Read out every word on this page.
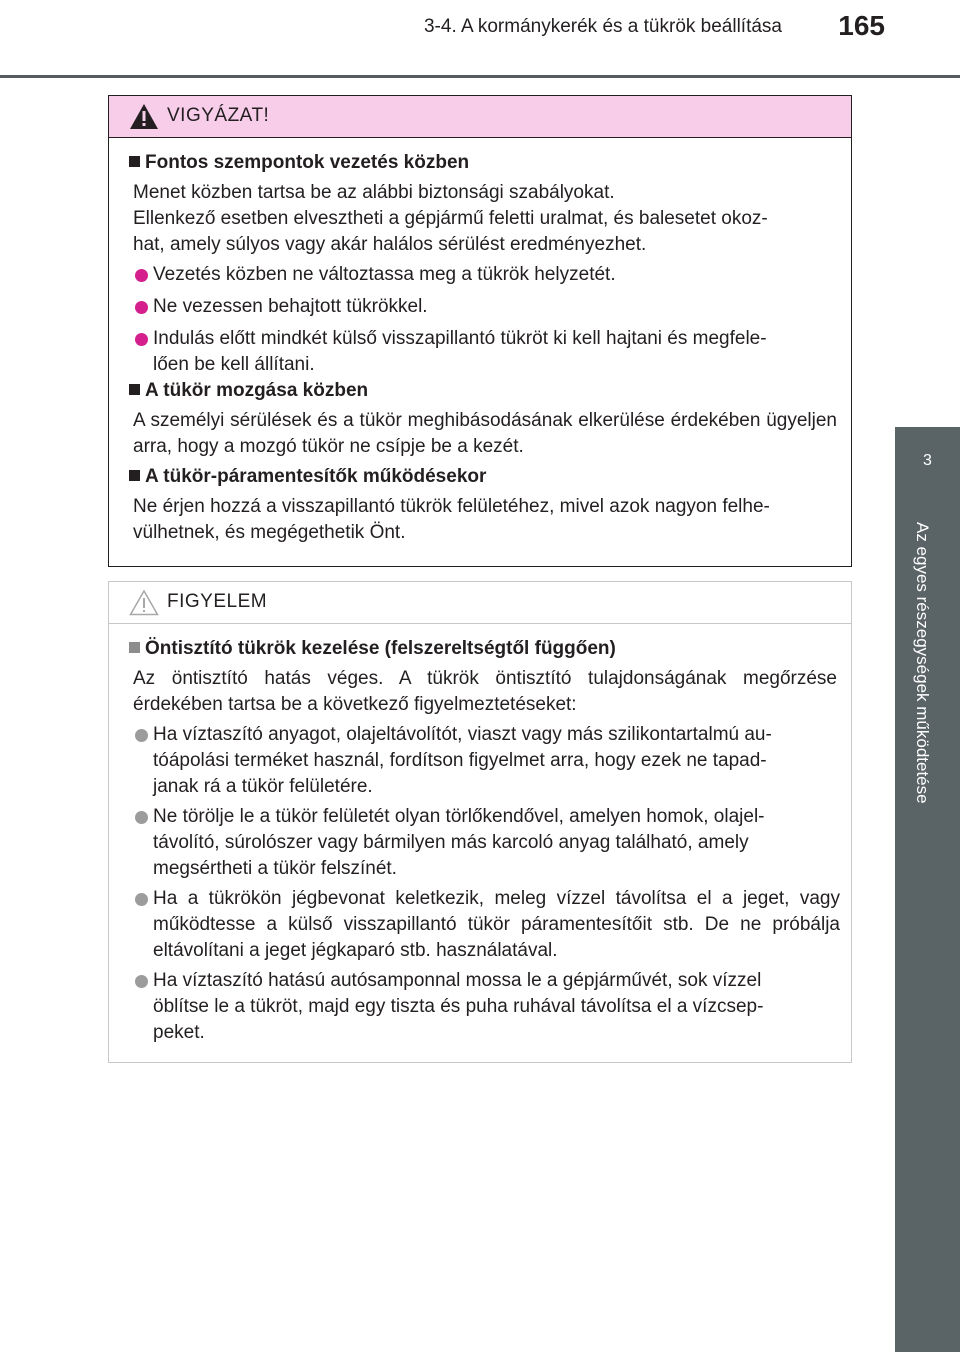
3-4. A kormánykerék és a tükrök beállítása 165
3
Az egyes részegységek működtetése
VIGYÁZAT!
Fontos szempontok vezetés közben
Menet közben tartsa be az alábbi biztonsági szabályokat.
Ellenkező esetben elvesztheti a gépjármű feletti uralmat, és balesetet okoz-
hat, amely súlyos vagy akár halálos sérülést eredményezhet.
Vezetés közben ne változtassa meg a tükrök helyzetét.
Ne vezessen behajtott tükrökkel.
Indulás előtt mindkét külső visszapillantó tükröt ki kell hajtani és megfele-
lően be kell állítani.
A tükör mozgása közben
A személyi sérülések és a tükör meghibásodásának elkerülése érdekében ügyeljen arra, hogy a mozgó tükör ne csípje be a kezét.
A tükör-páramentesítők működésekor
Ne érjen hozzá a visszapillantó tükrök felületéhez, mivel azok nagyon felhe-
vülhetnek, és megégethetik Önt.
FIGYELEM
Öntisztító tükrök kezelése (felszereltségtől függően)
Az öntisztító hatás véges. A tükrök öntisztító tulajdonságának megőrzése érdekében tartsa be a következő figyelmeztetéseket:
Ha víztaszító anyagot, olajeltávolítót, viaszt vagy más szilikontartalmú au-
tóápolási terméket használ, fordítson figyelmet arra, hogy ezek ne tapad-
janak rá a tükör felületére.
Ne törölje le a tükör felületét olyan törlőkendővel, amelyen homok, olajel-
távolító, súrolószer vagy bármilyen más karcoló anyag található, amely
megsértheti a tükör felszínét.
Ha a tükrökön jégbevonat keletkezik, meleg vízzel távolítsa el a jeget, vagy működtesse a külső visszapillantó tükör páramentesítőit stb. De ne próbálja eltávolítani a jeget jégkaparó stb. használatával.
Ha víztaszító hatású autósamponnal mossa le a gépjárművét, sok vízzel
öblítse le a tükröt, majd egy tiszta és puha ruhával távolítsa el a vízcsep-
peket.
